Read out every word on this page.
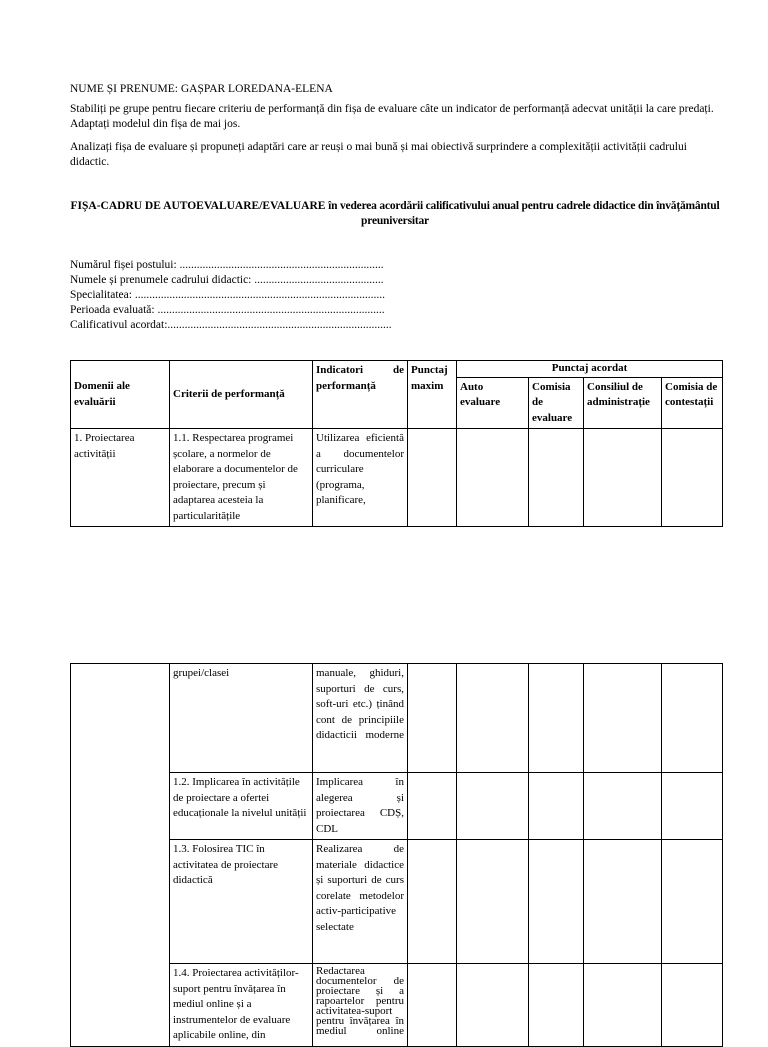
NUME ȘI PRENUME: GAȘPAR LOREDANA-ELENA
Stabiliți pe grupe pentru fiecare criteriu de performanță din fișa de evaluare câte un indicator de performanță adecvat unității la care predați. Adaptați modelul din fișa de mai jos.
Analizați fișa de evaluare și propuneți adaptări care ar reuși o mai bună și mai obiectivă surprindere a complexității activității cadrului didactic.
FIȘA-CADRU DE AUTOEVALUARE/EVALUARE în vederea acordării calificativului anual pentru cadrele didactice din învățământul preuniversitar
Numărul fișei postului: .......................................................................
Numele și prenumele cadrului didactic: .............................................
Specialitatea: .......................................................................................
Perioada evaluată: ...............................................................................
Calificativul acordat:..............................................................................
Domenii ale evaluării	Criterii de performanță	Indicatori de performanță	Punctaj maxim	Punctaj acordat			
				Auto evaluare	Comisia de evaluare	Consiliul de administrație	Comisia de contestații
1. Proiectarea activității	1.1. Respectarea programei școlare, a normelor de elaborare a documentelor de proiectare, precum și adaptarea acesteia la particularitățile	Utilizarea eficientă a documentelor curriculare (programa, planificare,					
	grupei/clasei	manuale, ghiduri, suporturi de curs, soft-uri etc.) ținând cont de principiile didacticii moderne					
	1.2. Implicarea în activitățile de proiectare a ofertei educaționale la nivelul unității	Implicarea în alegerea și proiectarea CDȘ, CDL					
	1.3. Folosirea TIC în activitatea de proiectare didactică	Realizarea de materiale didactice și suporturi de curs corelate metodelor activ-participative selectate					
	1.4. Proiectarea activităților-suport pentru învățarea în mediul online și a instrumentelor de evaluare aplicabile online, din	Redactarea documentelor de proiectare și a rapoartelor pentru activitatea-suport pentru învățarea în mediul online					
